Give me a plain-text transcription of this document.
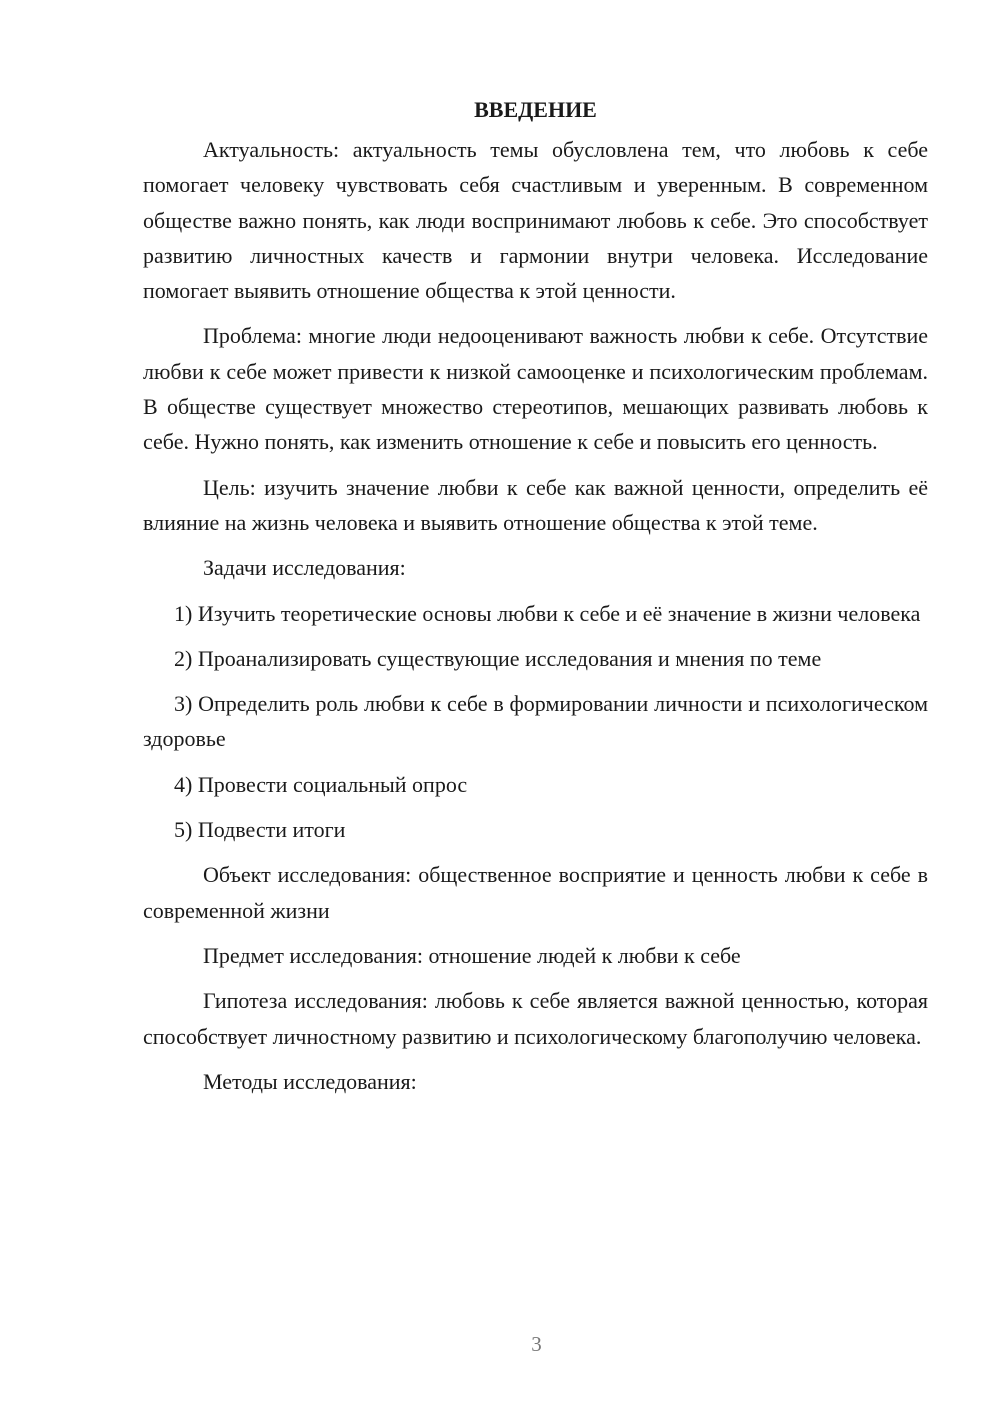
ВВЕДЕНИЕ

Актуальность: актуальность темы обусловлена тем, что любовь к себе помогает человеку чувствовать себя счастливым и уверенным. В современном обществе важно понять, как люди воспринимают любовь к себе. Это способствует развитию личностных качеств и гармонии внутри человека. Исследование помогает выявить отношение общества к этой ценности.

Проблема: многие люди недооценивают важность любви к себе. Отсутствие любви к себе может привести к низкой самооценке и психологическим проблемам. В обществе существует множество стереотипов, мешающих развивать любовь к себе. Нужно понять, как изменить отношение к себе и повысить его ценность.

Цель: изучить значение любви к себе как важной ценности, определить её влияние на жизнь человека и выявить отношение общества к этой теме.

Задачи исследования:

1) Изучить теоретические основы любви к себе и её значение в жизни человека

2) Проанализировать существующие исследования и мнения по теме

3) Определить роль любви к себе в формировании личности и психологическом здоровье

4) Провести социальный опрос

5) Подвести итоги

Объект исследования: общественное восприятие и ценность любви к себе в современной жизни

Предмет исследования: отношение людей к любви к себе

Гипотеза исследования: любовь к себе является важной ценностью, которая способствует личностному развитию и психологическому благополучию человека.

Методы исследования:

3
